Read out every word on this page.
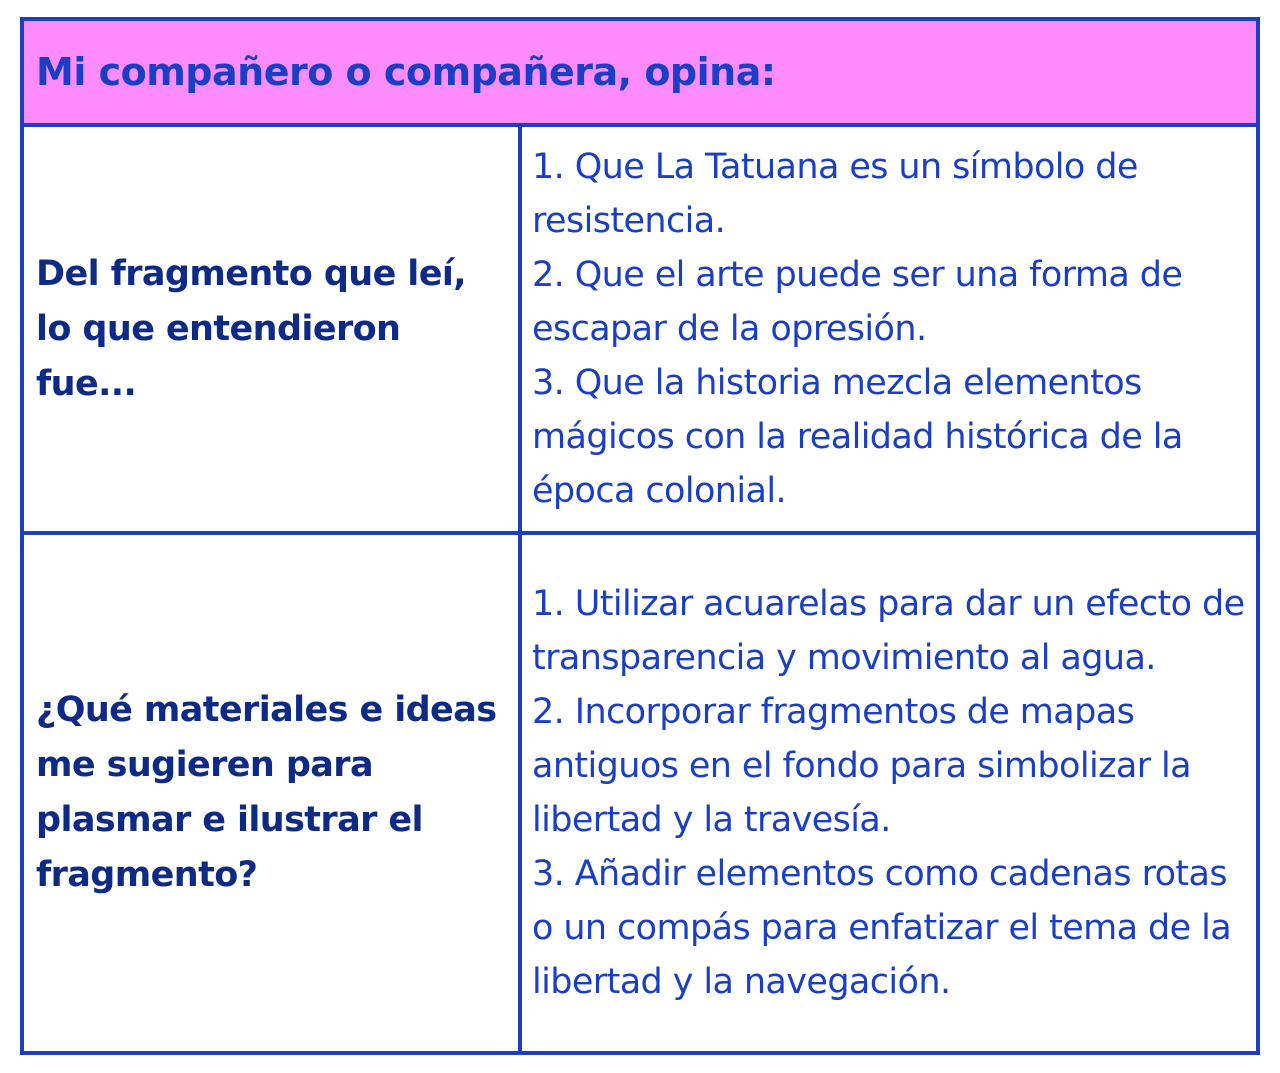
Mi compañero o compañera, opina:
Del fragmento que leí, lo que entendieron fue...

1. Que La Tatuana es un símbolo de resistencia.

2. Que el arte puede ser una forma de escapar de la opresión.

3. Que la historia mezcla elementos mágicos con la realidad histórica de la época colonial.

¿Qué materiales e ideas me sugieren para plasmar e ilustrar el fragmento?

1. Utilizar acuarelas para dar un efecto de transparencia y movimiento al agua.

2. Incorporar fragmentos de mapas antiguos en el fondo para simbolizar la libertad y la travesía.

3. Añadir elementos como cadenas rotas o un compás para enfatizar el tema de la libertad y la navegación.
